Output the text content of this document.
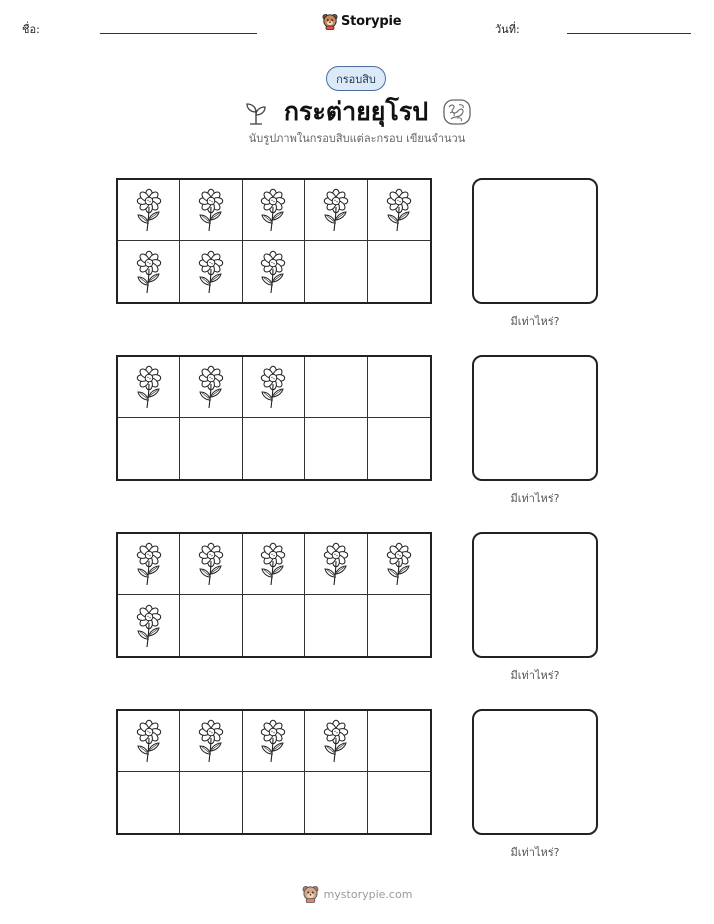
ชื่อ:
Storypie
วันที่:
กรอบสิบ
กระต่ายยุโรป
นับรูปภาพในกรอบสิบแต่ละกรอบ เขียนจำนวน
มีเท่าไหร่?
มีเท่าไหร่?
มีเท่าไหร่?
มีเท่าไหร่?
mystorypie.com
